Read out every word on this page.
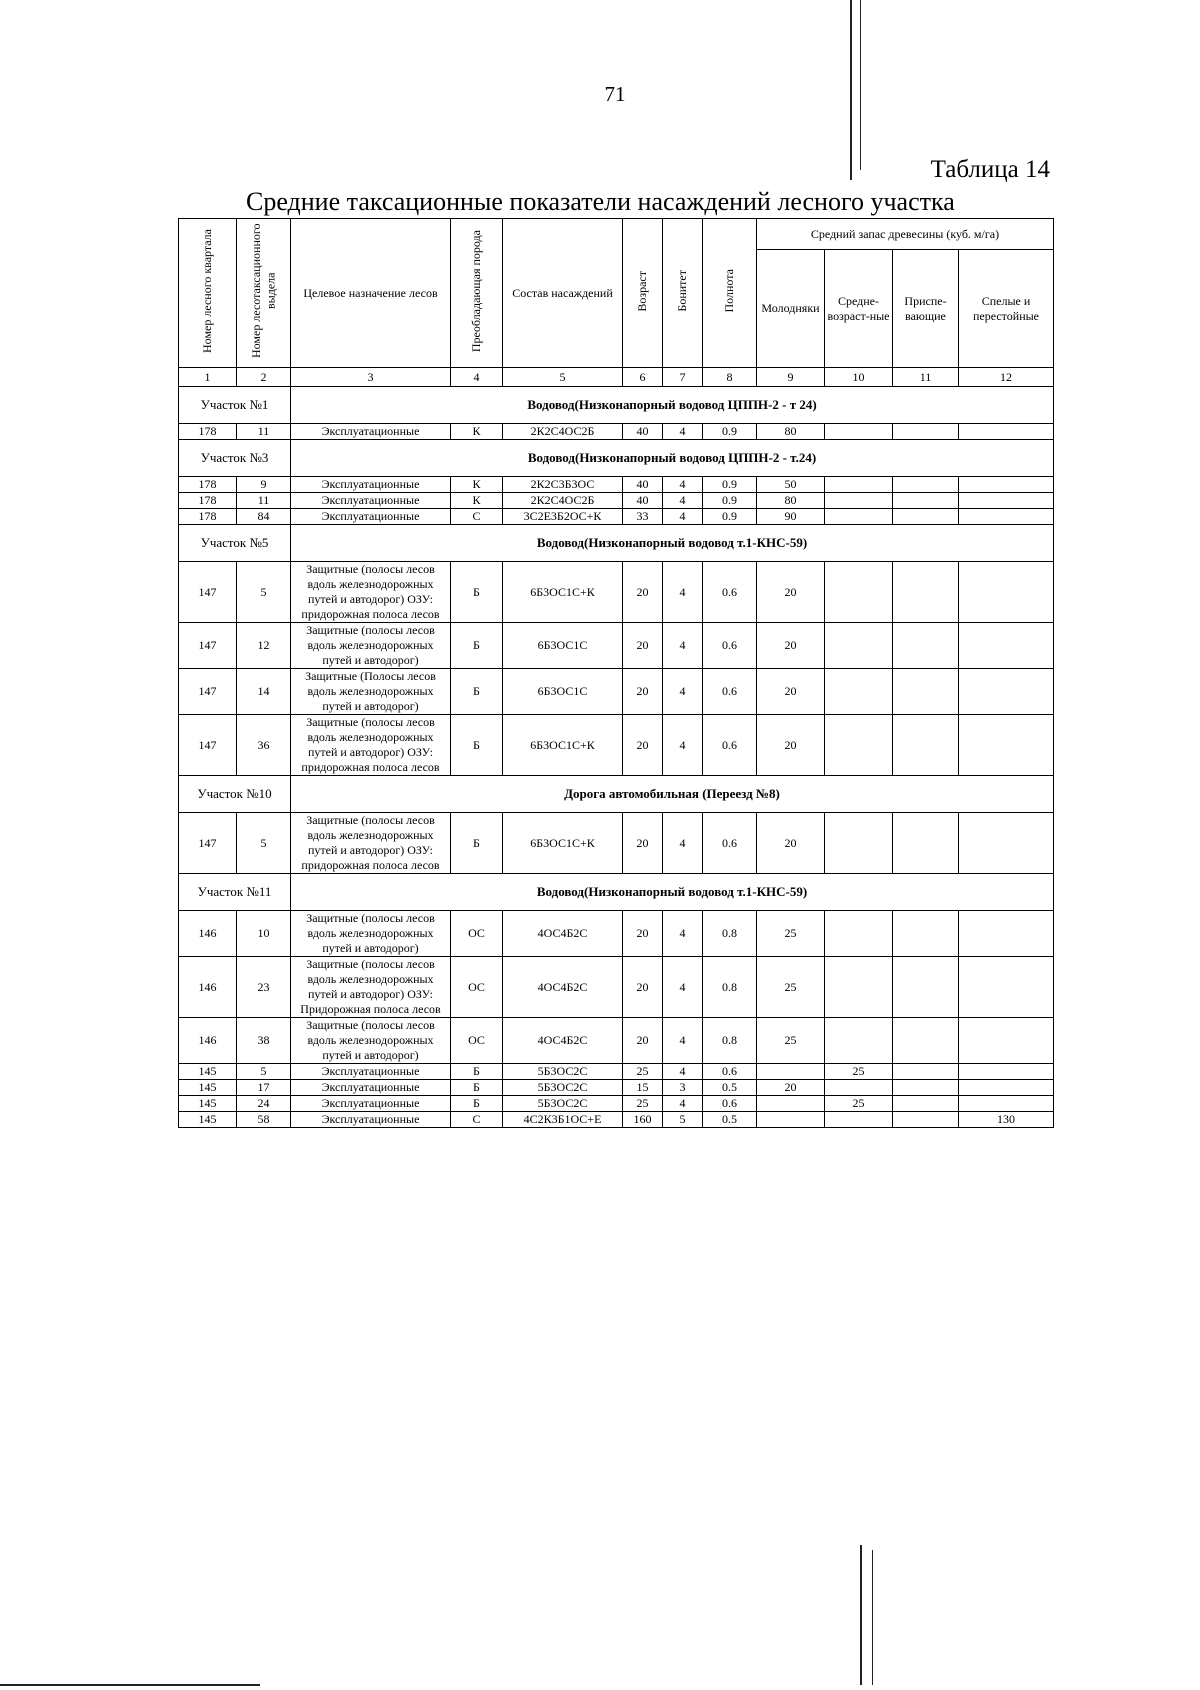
71
Таблица 14
Средние таксационные показатели насаждений лесного участка
Номер лесного квартала	Номер лесотаксационного выдела	Целевое назначение лесов	Преобладающая порода	Состав насаждений	Возраст	Бонитет	Полнота	Средний запас древесины (куб. м/га)			
								Молодняки	Средне-возраст-ные	Приспе-вающие	Спелые и перестойные
1	2	3	4	5	6	7	8	9	10	11	12
Участок №1		Водовод(Низконапорный водовод ЦППН-2 - т 24)									
178	11	Эксплуатационные	К	2К2С4ОС2Б	40	4	0.9	80			
Участок №3		Водовод(Низконапорный водовод ЦППН-2 - т.24)									
178	9	Эксплуатационные	К	2К2С3Б3ОС	40	4	0.9	50			
178	11	Эксплуатационные	К	2К2С4ОС2Б	40	4	0.9	80			
178	84	Эксплуатационные	С	3С2Е3Б2ОС+К	33	4	0.9	90			
Участок №5		Водовод(Низконапорный водовод т.1-КНС-59)									
147	5	Защитные (полосы лесов вдоль железнодорожных путей и автодорог) ОЗУ: придорожная полоса лесов	Б	6Б3ОС1С+К	20	4	0.6	20			
147	12	Защитные (полосы лесов вдоль железнодорожных путей и автодорог)	Б	6Б3ОС1С	20	4	0.6	20			
147	14	Защитные (Полосы лесов вдоль железнодорожных путей и автодорог)	Б	6Б3ОС1С	20	4	0.6	20			
147	36	Защитные (полосы лесов вдоль железнодорожных путей и автодорог) ОЗУ: придорожная полоса лесов	Б	6Б3ОС1С+К	20	4	0.6	20			
Участок №10		Дорога автомобильная (Переезд №8)									
147	5	Защитные (полосы лесов вдоль железнодорожных путей и автодорог) ОЗУ: придорожная полоса лесов	Б	6Б3ОС1С+К	20	4	0.6	20			
Участок №11		Водовод(Низконапорный водовод т.1-КНС-59)									
146	10	Защитные (полосы лесов вдоль железнодорожных путей и автодорог)	ОС	4ОС4Б2С	20	4	0.8	25			
146	23	Защитные (полосы лесов вдоль железнодорожных путей и автодорог) ОЗУ: Придорожная полоса лесов	ОС	4ОС4Б2С	20	4	0.8	25			
146	38	Защитные (полосы лесов вдоль железнодорожных путей и автодорог)	ОС	4ОС4Б2С	20	4	0.8	25			
145	5	Эксплуатационные	Б	5Б3ОС2С	25	4	0.6		25		
145	17	Эксплуатационные	Б	5Б3ОС2С	15	3	0.5	20			
145	24	Эксплуатационные	Б	5Б3ОС2С	25	4	0.6		25		
145	58	Эксплуатационные	С	4С2К3Б1ОС+Е	160	5	0.5				130
